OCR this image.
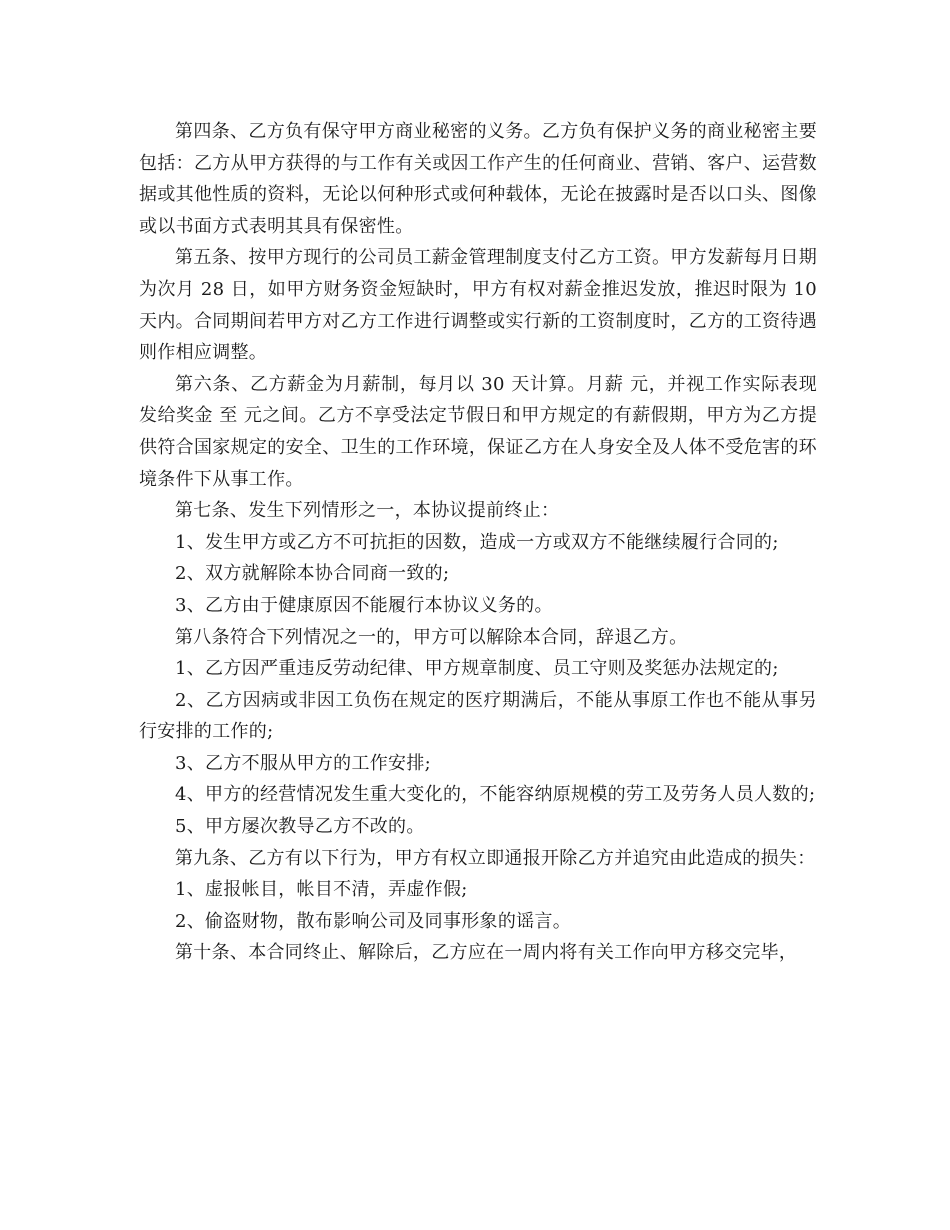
第四条、乙方负有保守甲方商业秘密的义务。乙方负有保护义务的商业秘密主要包括：乙方从甲方获得的与工作有关或因工作产生的任何商业、营销、客户、运营数据或其他性质的资料，无论以何种形式或何种载体，无论在披露时是否以口头、图像或以书面方式表明其具有保密性。

第五条、按甲方现行的公司员工薪金管理制度支付乙方工资。甲方发薪每月日期为次月 28 日，如甲方财务资金短缺时，甲方有权对薪金推迟发放，推迟时限为 10 天内。合同期间若甲方对乙方工作进行调整或实行新的工资制度时，乙方的工资待遇则作相应调整。

第六条、乙方薪金为月薪制，每月以 30 天计算。月薪 元，并视工作实际表现发给奖金 至 元之间。乙方不享受法定节假日和甲方规定的有薪假期，甲方为乙方提供符合国家规定的安全、卫生的工作环境，保证乙方在人身安全及人体不受危害的环境条件下从事工作。

第七条、发生下列情形之一，本协议提前终止：

1、发生甲方或乙方不可抗拒的因数，造成一方或双方不能继续履行合同的;

2、双方就解除本协合同商一致的;

3、乙方由于健康原因不能履行本协议义务的。

第八条符合下列情况之一的，甲方可以解除本合同，辞退乙方。

1、乙方因严重违反劳动纪律、甲方规章制度、员工守则及奖惩办法规定的;

2、乙方因病或非因工负伤在规定的医疗期满后，不能从事原工作也不能从事另行安排的工作的;

3、乙方不服从甲方的工作安排;

4、甲方的经营情况发生重大变化的，不能容纳原规模的劳工及劳务人员人数的;

5、甲方屡次教导乙方不改的。

第九条、乙方有以下行为，甲方有权立即通报开除乙方并追究由此造成的损失：

1、虚报帐目，帐目不清，弄虚作假;

2、偷盗财物，散布影响公司及同事形象的谣言。

第十条、本合同终止、解除后，乙方应在一周内将有关工作向甲方移交完毕，
